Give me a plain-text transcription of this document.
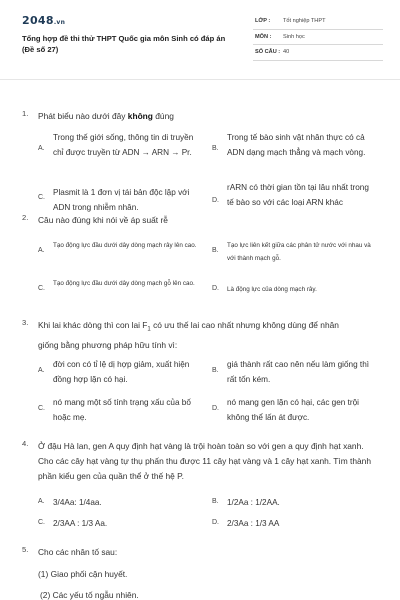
2048.vn
Tổng hợp đề thi thử THPT Quốc gia môn Sinh có đáp án (Đề số 27)
LỚP : Tốt nghiệp THPT
MÔN : Sinh học
SỐ CÂU : 40
1. Phát biểu nào dưới đây không đúng
A.
Trong thế giới sống, thông tin di truyền chỉ được truyền từ ADN → ARN → Pr.	B.
Trong tế bào sinh vật nhân thực có cả ADN dạng mạch thẳng và mạch vòng.
C.
Plasmit là 1 đơn vị tái bản độc lập với ADN trong nhiễm nhân.
D.
rARN có thời gian tồn tại lâu nhất trong tế bào so với các loại ARN khác
2. Câu nào đúng khi nói về áp suất rễ
A.
Tạo động lực đầu dưới dây dòng mạch rây lên cao.
B.
Tạo lực liên kết giữa các phân tử nước với nhau và với thành mạch gỗ.
C.
Tạo động lực đầu dưới dây dòng mạch gỗ lên cao.
D. Là động lực của dòng mạch rây.
3. Khi lai khác dòng thì con lai $F_1$ có ưu thế lai cao nhất nhưng không dùng để nhân
giống bằng phương pháp hữu tính vì:
A.
đời con có tỉ lệ dị hợp giảm, xuất hiện đồng hợp lặn có hại.
B.
giá thành rất cao nên nếu làm giống thì rất tốn kém.
C.
nó mang một số tính trạng xấu của bố hoặc mẹ.
D.
nó mang gen lặn có hại, các gen trội không thể lấn át được.
4. Ở đậu Hà lan, gen A quy định hạt vàng là trội hoàn toàn so với gen a quy định hạt xanh. Cho các cây hạt vàng tự thụ phấn thu được 11 cây hạt vàng và 1 cây hạt xanh. Tìm thành phần kiểu gen của quần thể ở thế hệ P.
A. 3/4Aa: 1/4aa.	B. 1/2Aa : 1/2AA.
C. 2/3AA : 1/3 Aa.	D. 2/3Aa : 1/3 AA
5. Cho các nhân tố sau:
(1) Giao phối cận huyết.
(2) Các yếu tố ngẫu nhiên.
